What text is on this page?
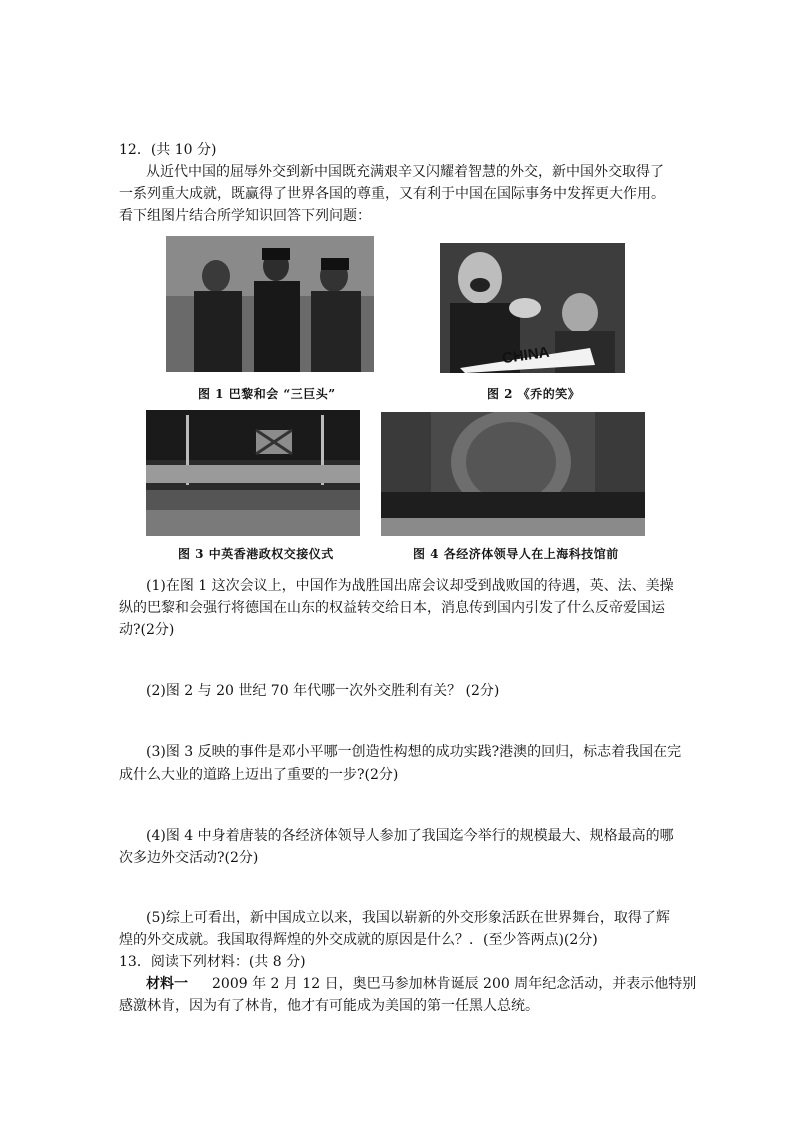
12．(共 10 分)
从近代中国的屈辱外交到新中国既充满艰辛又闪耀着智慧的外交，新中国外交取得了
一系列重大成就，既赢得了世界各国的尊重，又有利于中国在国际事务中发挥更大作用。
看下组图片结合所学知识回答下列问题：
图 1 巴黎和会 “三巨头”
CHINA
图 2 《乔的笑》
图 3 中英香港政权交接仪式	图 4 各经济体领导人在上海科技馆前
(1)在图 1 这次会议上，中国作为战胜国出席会议却受到战败国的待遇，英、法、美操
纵的巴黎和会强行将德国在山东的权益转交给日本，消息传到国内引发了什么反帝爱国运
动?(2分)
(2)图 2 与 20 世纪 70 年代哪一次外交胜利有关？ (2分)
(3)图 3 反映的事件是邓小平哪一创造性构想的成功实践?港澳的回归，标志着我国在完
成什么大业的道路上迈出了重要的一步?(2分)
(4)图 4 中身着唐装的各经济体领导人参加了我国迄今举行的规模最大、规格最高的哪
次多边外交活动?(2分)
(5)综上可看出，新中国成立以来，我国以崭新的外交形象活跃在世界舞台，取得了辉
煌的外交成就。我国取得辉煌的外交成就的原因是什么？．(至少答两点)(2分)
13．阅读下列材料：(共 8 分)
材料一 2009 年 2 月 12 日，奥巴马参加林肯诞辰 200 周年纪念活动，并表示他特别
感激林肯，因为有了林肯，他才有可能成为美国的第一任黑人总统。
